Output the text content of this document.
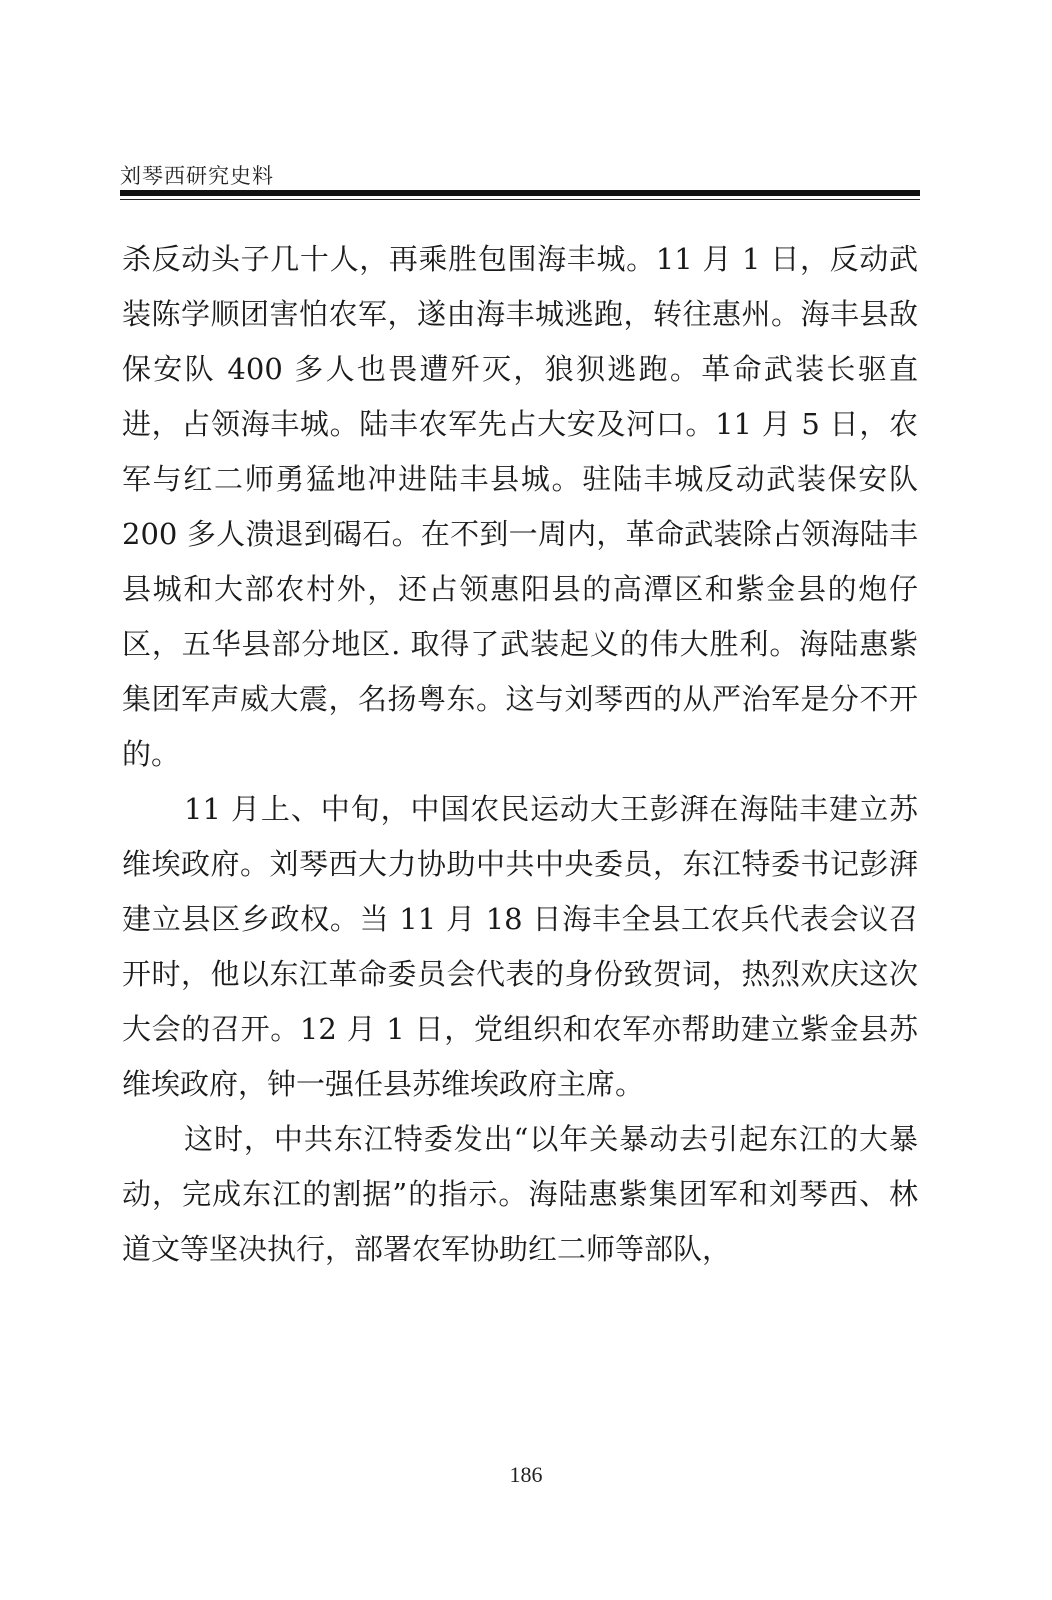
刘琴西研究史料

杀反动头子几十人，再乘胜包围海丰城。11 月 1 日，反动武装陈学顺团害怕农军，遂由海丰城逃跑，转往惠州。海丰县敌保安队 400 多人也畏遭歼灭，狼狈逃跑。革命武装长驱直进，占领海丰城。陆丰农军先占大安及河口。11 月 5 日，农军与红二师勇猛地冲进陆丰县城。驻陆丰城反动武装保安队 200 多人溃退到碣石。在不到一周内，革命武装除占领海陆丰县城和大部农村外，还占领惠阳县的高潭区和紫金县的炮仔区，五华县部分地区. 取得了武装起义的伟大胜利。海陆惠紫集团军声威大震，名扬粤东。这与刘琴西的从严治军是分不开的。

11 月上、中旬，中国农民运动大王彭湃在海陆丰建立苏维埃政府。刘琴西大力协助中共中央委员，东江特委书记彭湃建立县区乡政权。当 11 月 18 日海丰全县工农兵代表会议召开时，他以东江革命委员会代表的身份致贺词，热烈欢庆这次大会的召开。12 月 1 日，党组织和农军亦帮助建立紫金县苏维埃政府，钟一强任县苏维埃政府主席。

这时，中共东江特委发出“以年关暴动去引起东江的大暴动，完成东江的割据”的指示。海陆惠紫集团军和刘琴西、林道文等坚决执行，部署农军协助红二师等部队，

186
